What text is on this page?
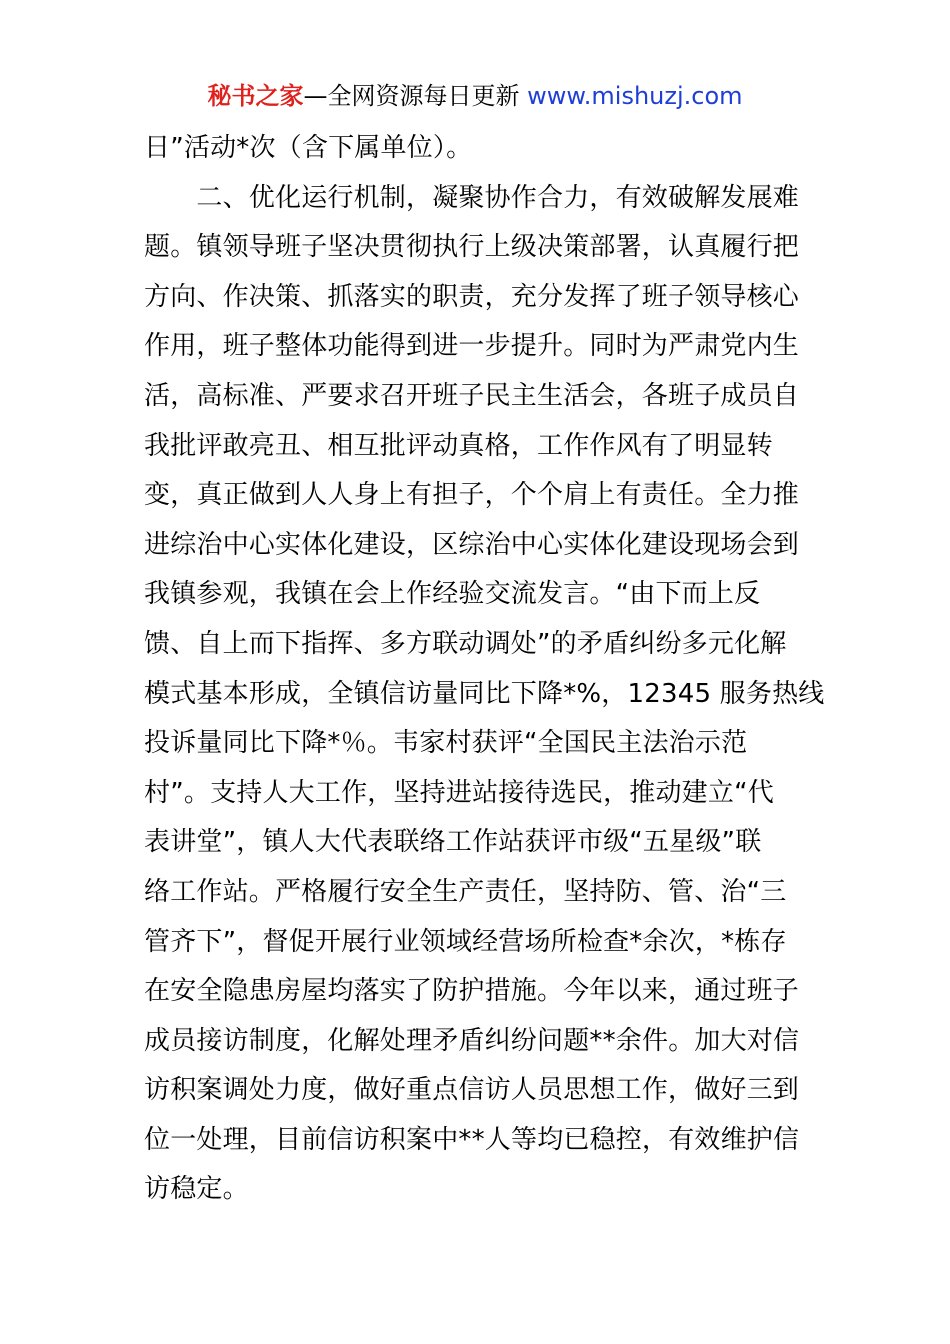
秘书之家—全网资源每日更新 www.mishuzj.com
日”活动*次（含下属单位）。
　　二、优化运行机制，凝聚协作合力，有效破解发展难
题。镇领导班子坚决贯彻执行上级决策部署，认真履行把
方向、作决策、抓落实的职责，充分发挥了班子领导核心
作用，班子整体功能得到进一步提升。同时为严肃党内生
活，高标准、严要求召开班子民主生活会，各班子成员自
我批评敢亮丑、相互批评动真格，工作作风有了明显转
变，真正做到人人身上有担子，个个肩上有责任。全力推
进综治中心实体化建设，区综治中心实体化建设现场会到
我镇参观，我镇在会上作经验交流发言。“由下而上反
馈、自上而下指挥、多方联动调处”的矛盾纠纷多元化解
模式基本形成，全镇信访量同比下降*%，12345 服务热线
投诉量同比下降*％。韦家村获评“全国民主法治示范
村”。支持人大工作，坚持进站接待选民，推动建立“代
表讲堂”，镇人大代表联络工作站获评市级“五星级”联
络工作站。严格履行安全生产责任，坚持防、管、治“三
管齐下”，督促开展行业领域经营场所检查*余次，*栋存
在安全隐患房屋均落实了防护措施。今年以来，通过班子
成员接访制度，化解处理矛盾纠纷问题**余件。加大对信
访积案调处力度，做好重点信访人员思想工作，做好三到
位一处理，目前信访积案中**人等均已稳控，有效维护信
访稳定。
